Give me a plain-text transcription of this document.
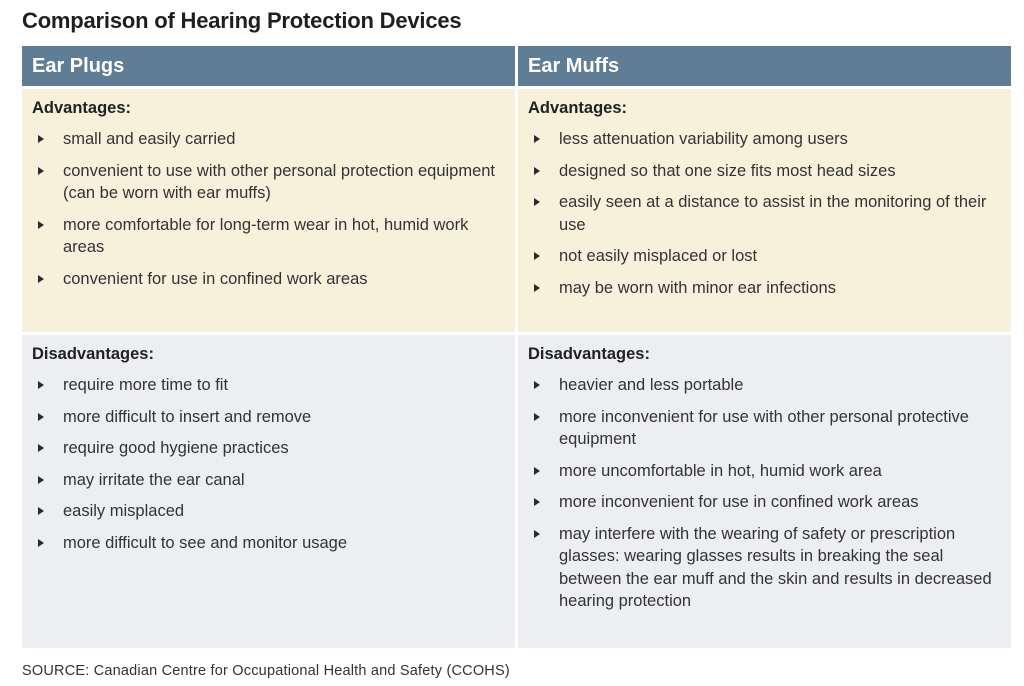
Comparison of Hearing Protection Devices
Ear Plugs	Ear Muffs
Advantages:
small and easily carried
convenient to use with other personal protection equipment (can be worn with ear muffs)
more comfortable for long-term wear in hot, humid work areas
convenient for use in confined work areas
Advantages:
less attenuation variability among users
designed so that one size fits most head sizes
easily seen at a distance to assist in the monitoring of their use
not easily misplaced or lost
may be worn with minor ear infections
Disadvantages:
require more time to fit
more difficult to insert and remove
require good hygiene practices
may irritate the ear canal
easily misplaced
more difficult to see and monitor usage
Disadvantages:
heavier and less portable
more inconvenient for use with other personal protective equipment
more uncomfortable in hot, humid work area
more inconvenient for use in confined work areas
may interfere with the wearing of safety or prescription glasses: wearing glasses results in breaking the seal between the ear muff and the skin and results in decreased hearing protection
SOURCE: Canadian Centre for Occupational Health and Safety (CCOHS)
